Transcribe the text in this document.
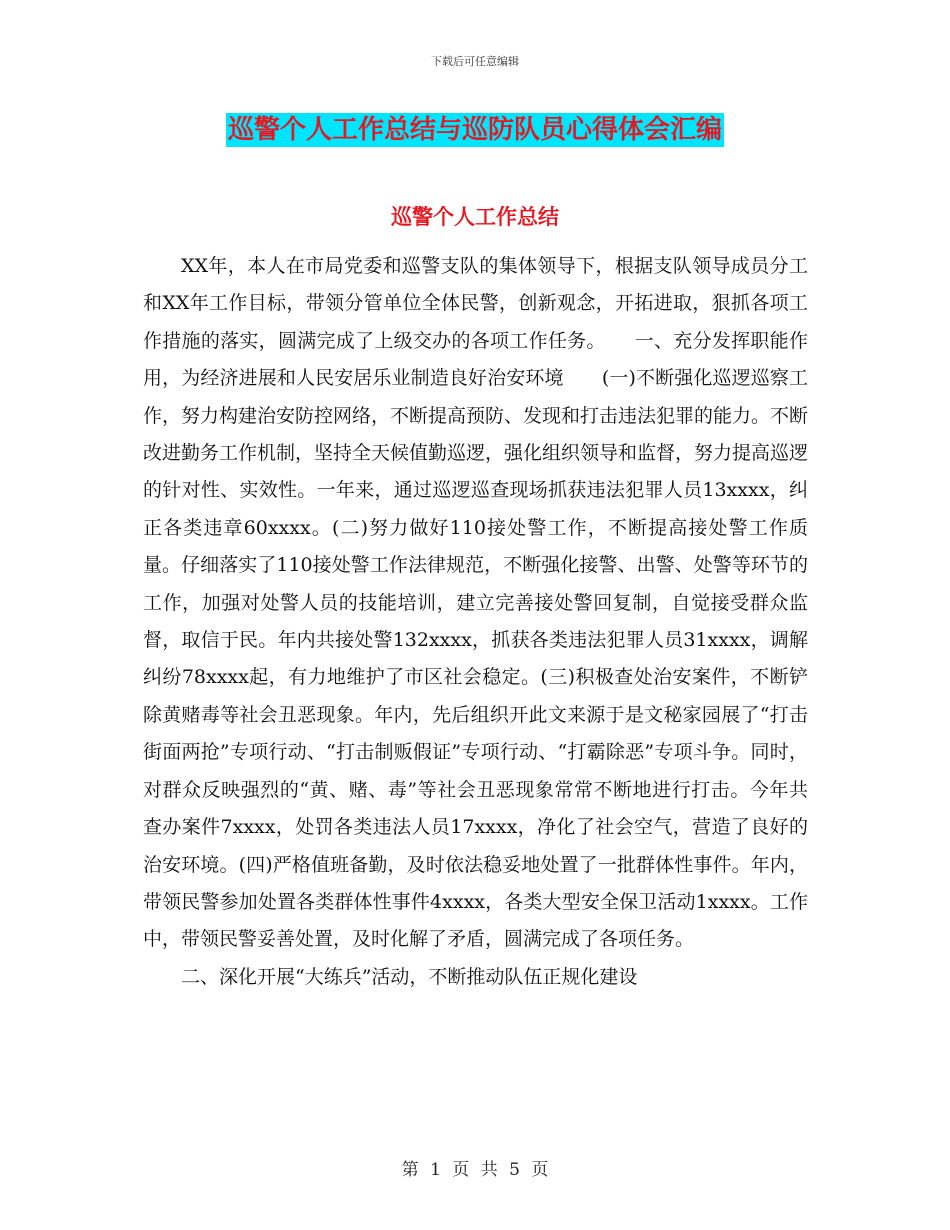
下载后可任意编辑
巡警个人工作总结与巡防队员心得体会汇编
巡警个人工作总结

XX年，本人在市局党委和巡警支队的集体领导下，根据支队领导成员分工和XX年工作目标，带领分管单位全体民警，创新观念，开拓进取，狠抓各项工作措施的落实，圆满完成了上级交办的各项工作任务。　　一、充分发挥职能作用，为经济进展和人民安居乐业制造良好治安环境　　(一)不断强化巡逻巡察工作，努力构建治安防控网络，不断提高预防、发现和打击违法犯罪的能力。不断改进勤务工作机制，坚持全天候值勤巡逻，强化组织领导和监督，努力提高巡逻的针对性、实效性。一年来，通过巡逻巡查现场抓获违法犯罪人员13xxxx，纠正各类违章60xxxx。(二)努力做好110接处警工作，不断提高接处警工作质量。仔细落实了110接处警工作法律规范，不断强化接警、出警、处警等环节的工作，加强对处警人员的技能培训，建立完善接处警回复制，自觉接受群众监督，取信于民。年内共接处警132xxxx，抓获各类违法犯罪人员31xxxx，调解纠纷78xxxx起，有力地维护了市区社会稳定。(三)积极查处治安案件，不断铲除黄赌毒等社会丑恶现象。年内，先后组织开此文来源于是文秘家园展了“打击街面两抢”专项行动、“打击制贩假证”专项行动、“打霸除恶”专项斗争。同时，对群众反映强烈的“黄、赌、毒”等社会丑恶现象常常不断地进行打击。今年共查办案件7xxxx，处罚各类违法人员17xxxx，净化了社会空气，营造了良好的治安环境。(四)严格值班备勤，及时依法稳妥地处置了一批群体性事件。年内，带领民警参加处置各类群体性事件4xxxx，各类大型安全保卫活动1xxxx。工作中，带领民警妥善处置，及时化解了矛盾，圆满完成了各项任务。

二、深化开展“大练兵”活动，不断推动队伍正规化建设

第 1 页 共 5 页
